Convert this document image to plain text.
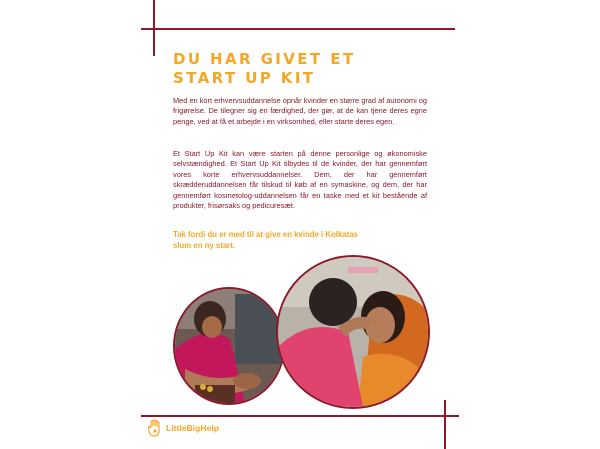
DU HAR GIVET ET
START UP KIT

Med en kort erhvervsuddannelse opnår kvinder en større grad af autonomi og frigørelse. De tilegner sig en færdighed, der gør, at de kan tjene deres egne penge, ved at få et arbejde i en virksomhed, eller starte deres egen.

Et Start Up Kit kan være starten på denne personlige og økonomiske selvstændighed. Et Start Up Kit tilbydes til de kvinder, der har gennemført vores korte erhvervsuddannelser. Dem, der har gennemført skrædderuddannelsen får tilskud til køb af en symaskine, og dem, der har gennemført kosmetolog-uddannelsen får en taske med et kit bestående af produkter, frisørsaks og pedicuresæt.

Tak fordi du er med til at give en kvinde i Kolkatas slum en ny start.

LittleBigHelp
